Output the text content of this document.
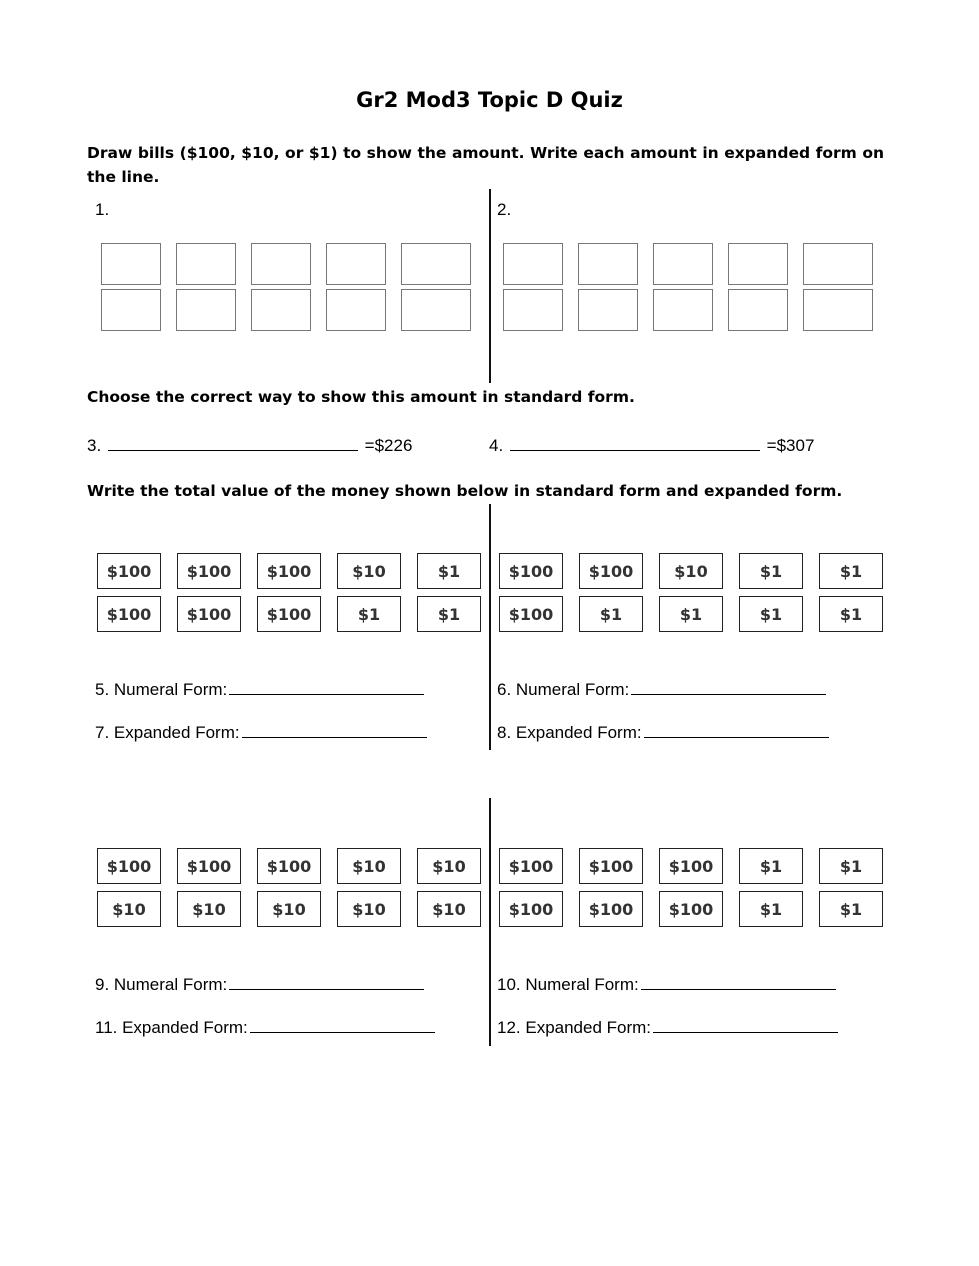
Gr2 Mod3 Topic D Quiz
Draw bills ($100, $10, or $1) to show the amount. Write each amount in expanded form on the line.
1.	2.
Choose the correct way to show this amount in standard form.
3.	=$226	4.	=$307
Write the total value of the money shown below in standard form and expanded form.
$100	$100	$100	$10	$1
$100	$100	$100	$1	$1
5. Numeral Form:
7. Expanded Form:
$100	$100	$10	$1	$1
$100	$1	$1	$1	$1
6. Numeral Form:
8. Expanded Form:
$100	$100	$100	$10	$10
$10	$10	$10	$10	$10
9. Numeral Form:
11. Expanded Form:
$100	$100	$100	$1	$1
$100	$100	$100	$1	$1
10. Numeral Form:
12. Expanded Form:
